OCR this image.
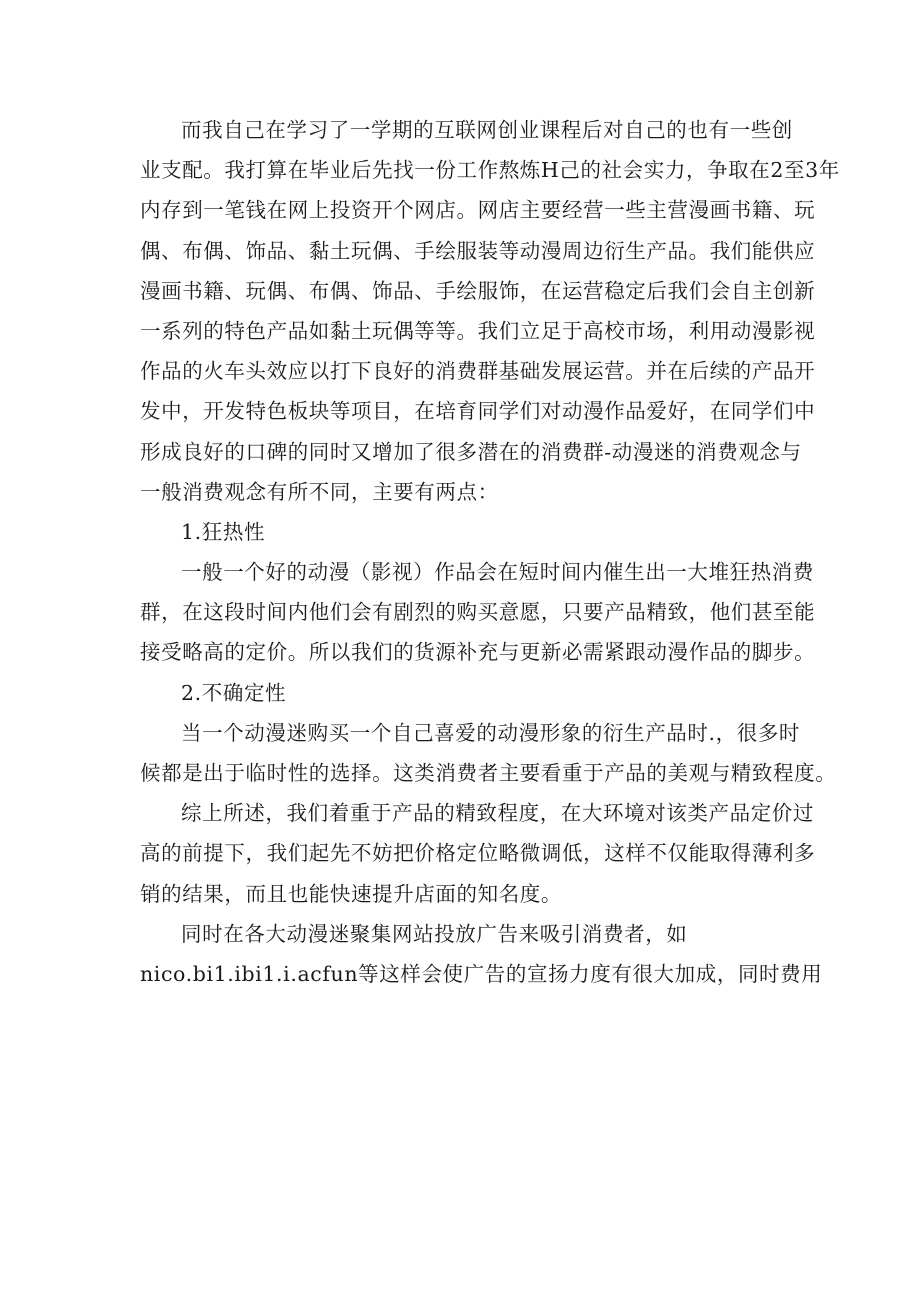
而我自己在学习了一学期的互联网创业课程后对自己的也有一些创
业支配。我打算在毕业后先找一份工作熬炼H己的社会实力，争取在2至3年
内存到一笔钱在网上投资开个网店。网店主要经营一些主营漫画书籍、玩
偶、布偶、饰品、黏土玩偶、手绘服装等动漫周边衍生产品。我们能供应
漫画书籍、玩偶、布偶、饰品、手绘服饰，在运营稳定后我们会自主创新
一系列的特色产品如黏土玩偶等等。我们立足于高校市场，利用动漫影视
作品的火车头效应以打下良好的消费群基础发展运营。并在后续的产品开
发中，开发特色板块等项目，在培育同学们对动漫作品爱好，在同学们中
形成良好的口碑的同时又增加了很多潜在的消费群-动漫迷的消费观念与
一般消费观念有所不同，主要有两点：
1.狂热性
一般一个好的动漫（影视）作品会在短时间内催生出一大堆狂热消费
群，在这段时间内他们会有剧烈的购买意愿，只要产品精致，他们甚至能
接受略高的定价。所以我们的货源补充与更新必需紧跟动漫作品的脚步。
2.不确定性
当一个动漫迷购买一个自己喜爱的动漫形象的衍生产品时.，很多时
候都是出于临时性的选择。这类消费者主要看重于产品的美观与精致程度。
综上所述，我们着重于产品的精致程度，在大环境对该类产品定价过
高的前提下，我们起先不妨把价格定位略微调低，这样不仅能取得薄利多
销的结果，而且也能快速提升店面的知名度。
同时在各大动漫迷聚集网站投放广告来吸引消费者，如
nico.bi1.ibi1.i.acfun等这样会使广告的宣扬力度有很大加成，同时费用
